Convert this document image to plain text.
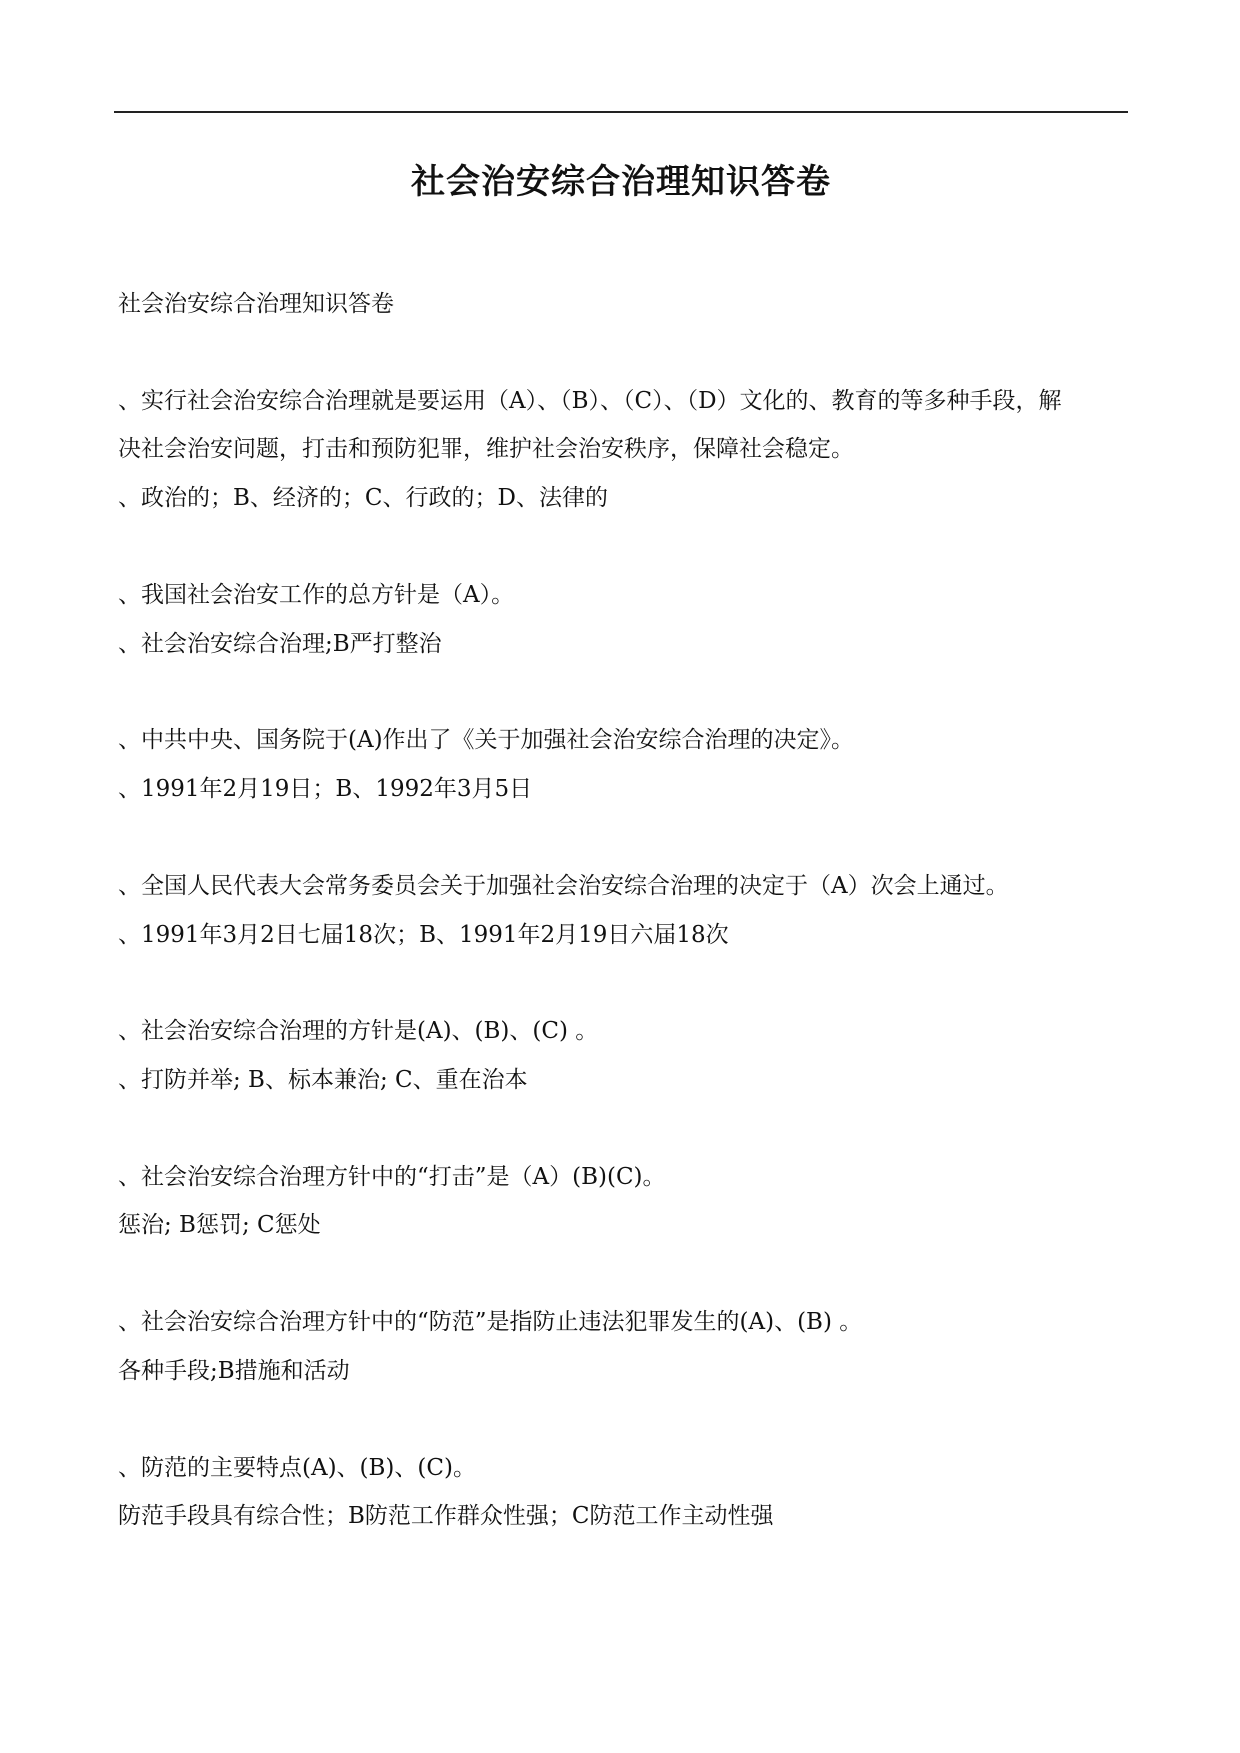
社会治安综合治理知识答卷
社会治安综合治理知识答卷
、实行社会治安综合治理就是要运用（A）、（B）、（C）、（D）文化的、教育的等多种手段，解
决社会治安问题，打击和预防犯罪，维护社会治安秩序，保障社会稳定。
、政治的；B、经济的；C、行政的；D、法律的
、我国社会治安工作的总方针是（A）。
、社会治安综合治理;B严打整治
、中共中央、国务院于(A)作出了《关于加强社会治安综合治理的决定》。
、1991年2月19日；B、1992年3月5日
、全国人民代表大会常务委员会关于加强社会治安综合治理的决定于（A）次会上通过。
、1991年3月2日七届18次；B、1991年2月19日六届18次
、社会治安综合治理的方针是(A)、(B)、(C) 。
、打防并举; B、标本兼治; C、重在治本
、社会治安综合治理方针中的“打击”是（A）(B)(C)。
惩治; B惩罚; C惩处
、社会治安综合治理方针中的“防范”是指防止违法犯罪发生的(A)、(B) 。
各种手段;B措施和活动
、防范的主要特点(A)、(B)、(C)。
防范手段具有综合性；B防范工作群众性强；C防范工作主动性强
